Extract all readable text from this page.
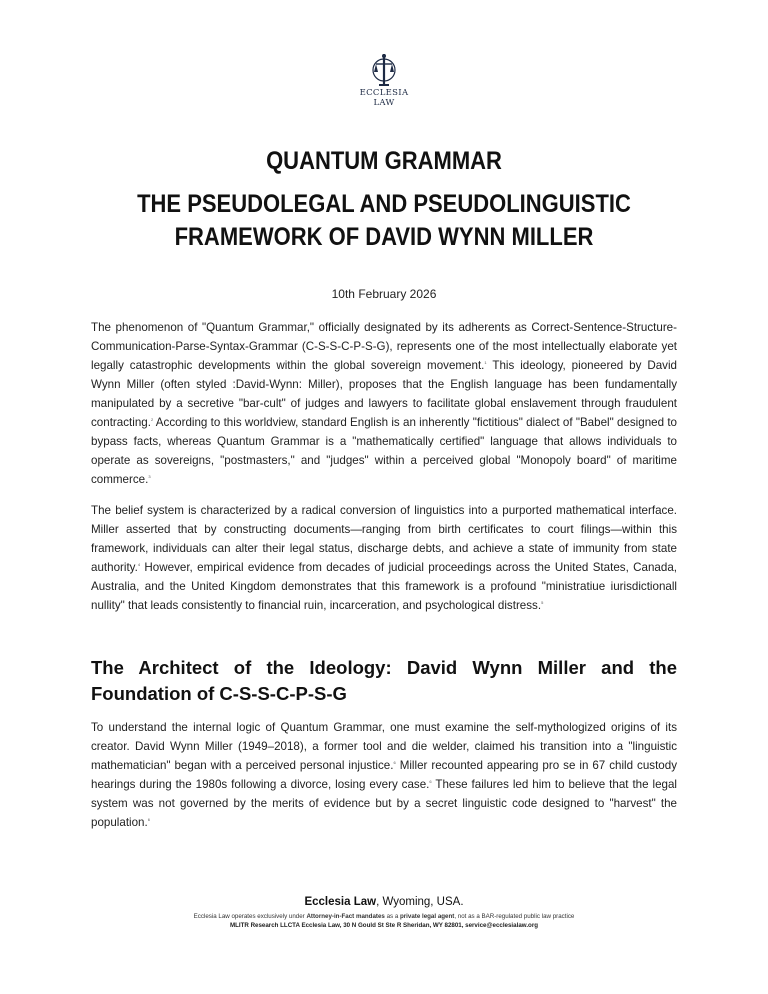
ECCLESIA
LAW
QUANTUM GRAMMAR
THE PSEUDOLEGAL AND PSEUDOLINGUISTIC
FRAMEWORK OF DAVID WYNN MILLER
10th February 2026
The phenomenon of "Quantum Grammar," officially designated by its adherents as Correct-Sentence-Structure-Communication-Parse-Syntax-Grammar (C-S-S-C-P-S-G), represents one of the most intellectually elaborate yet legally catastrophic developments within the global sovereign movement.$^1$ This ideology, pioneered by David Wynn Miller (often styled :David-Wynn: Miller), proposes that the English language has been fundamentally manipulated by a secretive "bar-cult" of judges and lawyers to facilitate global enslavement through fraudulent contracting.$^2$ According to this worldview, standard English is an inherently "fictitious" dialect of "Babel" designed to bypass facts, whereas Quantum Grammar is a "mathematically certified" language that allows individuals to operate as sovereigns, "postmasters," and "judges" within a perceived global "Monopoly board" of maritime commerce.$^3$
The belief system is characterized by a radical conversion of linguistics into a purported mathematical interface. Miller asserted that by constructing documents—ranging from birth certificates to court filings—within this framework, individuals can alter their legal status, discharge debts, and achieve a state of immunity from state authority.$^4$ However, empirical evidence from decades of judicial proceedings across the United States, Canada, Australia, and the United Kingdom demonstrates that this framework is a profound "ministratiue iurisdictionall nullity" that leads consistently to financial ruin, incarceration, and psychological distress.$^5$
The Architect of the Ideology: David Wynn Miller and the Foundation of C-S-S-C-P-S-G
To understand the internal logic of Quantum Grammar, one must examine the self-mythologized origins of its creator. David Wynn Miller (1949–2018), a former tool and die welder, claimed his transition into a "linguistic mathematician" began with a perceived personal injustice.$^6$ Miller recounted appearing pro se in 67 child custody hearings during the 1980s following a divorce, losing every case.$^6$ These failures led him to believe that the legal system was not governed by the merits of evidence but by a secret linguistic code designed to "harvest" the population.$^6$
Ecclesia Law, Wyoming, USA.
Ecclesia Law operates exclusively under Attorney-in-Fact mandates as a private legal agent, not as a BAR-regulated public law practice
MLITR Research LLCTA Ecclesia Law, 30 N Gould St Ste R Sheridan, WY 82801, service@ecclesialaw.org
